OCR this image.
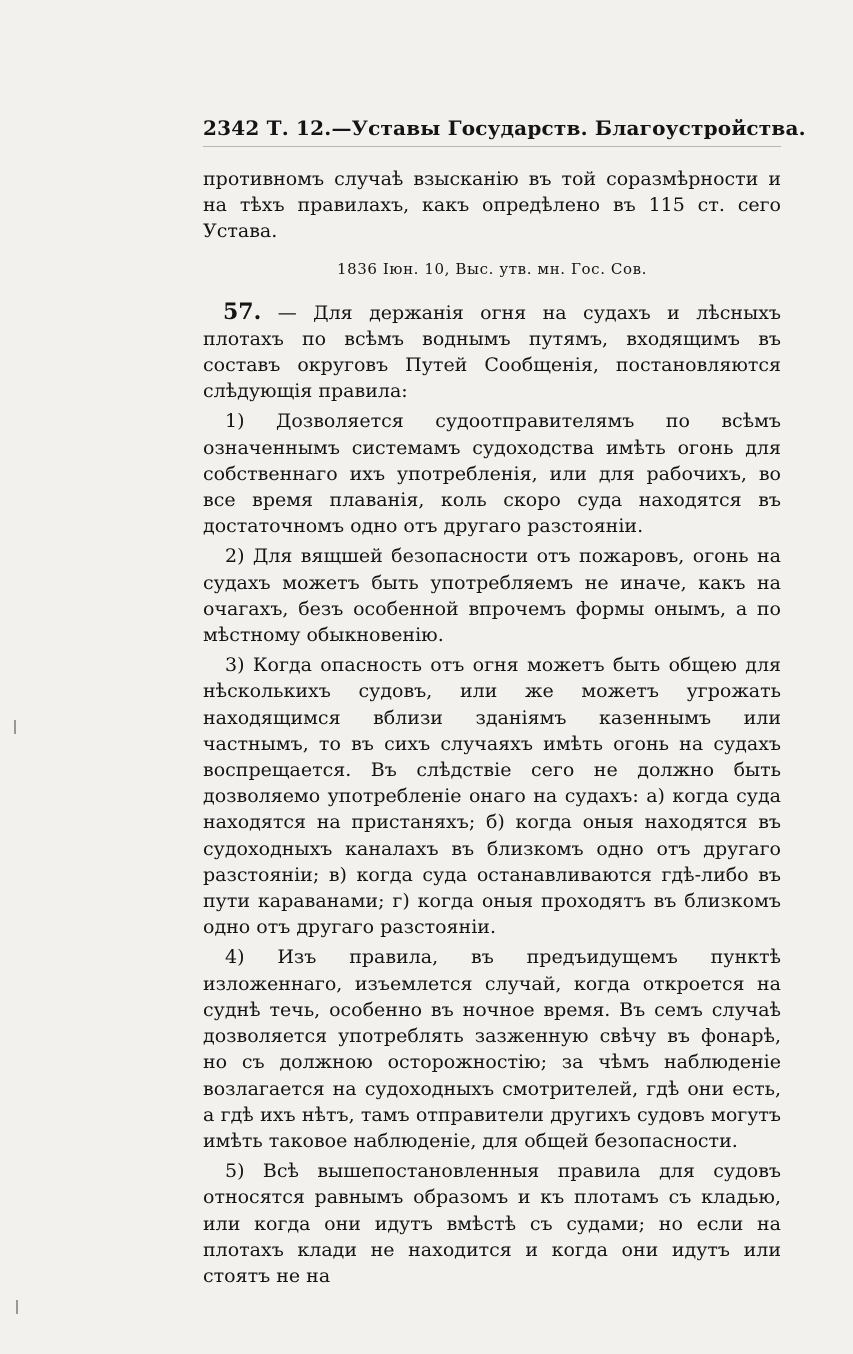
2342 Т. 12.—Уставы Государств. Благоустройства.

противномъ случаѣ взысканію въ той соразмѣрности и на тѣхъ правилахъ, какъ опредѣлено въ 115 ст. сего Устава.

1836 Іюн. 10, Выс. утв. мн. Гос. Сов.

57. — Для держанія огня на судахъ и лѣсныхъ плотахъ по всѣмъ воднымъ путямъ, входящимъ въ составъ округовъ Путей Сообщенія, постановляются слѣдующія правила:

1) Дозволяется судоотправителямъ по всѣмъ означеннымъ системамъ судоходства имѣть огонь для собственнаго ихъ употребленія, или для рабочихъ, во все время плаванія, коль скоро суда находятся въ достаточномъ одно отъ другаго разстояніи.

2) Для вящшей безопасности отъ пожаровъ, огонь на судахъ можетъ быть употребляемъ не иначе, какъ на очагахъ, безъ особенной впрочемъ формы онымъ, а по мѣстному обыкновенію.

3) Когда опасность отъ огня можетъ быть общею для нѣсколькихъ судовъ, или же можетъ угрожать находящимся вблизи зданіямъ казеннымъ или частнымъ, то въ сихъ случаяхъ имѣть огонь на судахъ воспрещается. Въ слѣдствіе сего не должно быть дозволяемо употребленіе онаго на судахъ: а) когда суда находятся на пристаняхъ; б) когда оныя находятся въ судоходныхъ каналахъ въ близкомъ одно отъ другаго разстояніи; в) когда суда останавливаются гдѣ-либо въ пути караванами; г) когда оныя проходятъ въ близкомъ одно отъ другаго разстояніи.

4) Изъ правила, въ предъидущемъ пунктѣ изложеннаго, изъемлется случай, когда откроется на суднѣ течь, особенно въ ночное время. Въ семъ случаѣ дозволяется употреблять зазженную свѣчу въ фонарѣ, но съ должною осторожностію; за чѣмъ наблюденіе возлагается на судоходныхъ смотрителей, гдѣ они есть, а гдѣ ихъ нѣтъ, тамъ отправители другихъ судовъ могутъ имѣть таковое наблюденіе, для общей безопасности.

5) Всѣ вышепостановленныя правила для судовъ относятся равнымъ образомъ и къ плотамъ съ кладью, или когда они идутъ вмѣстѣ съ судами; но если на плотахъ клади не находится и когда они идутъ или стоятъ не на
